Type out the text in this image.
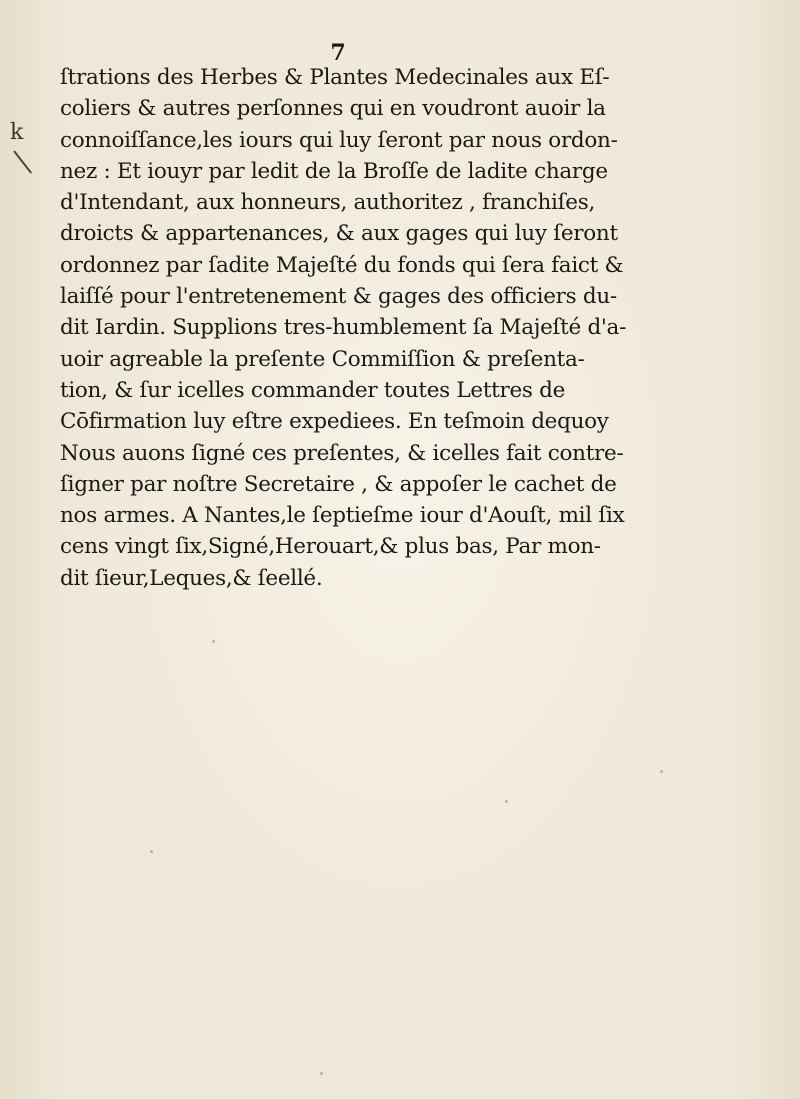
7
k
ſtrations des Herbes & Plantes Medecinales aux Eſ-
coliers & autres perſonnes qui en voudront auoir la
connoiſſance,les iours qui luy ſeront par nous ordon-
nez : Et iouyr par ledit de la Broſſe de ladite charge
d'Intendant, aux honneurs, authoritez , franchiſes,
droicts & appartenances, & aux gages qui luy ſeront
ordonnez par ſadite Majeſté du fonds qui ſera faict &
laiſſé pour l'entretenement & gages des officiers du-
dit Iardin. Supplions tres-humblement ſa Majeſté d'a-
uoir agreable la preſente Commiſſion & preſenta-
tion, & ſur icelles commander toutes Lettres de
Cōfirmation luy eſtre expediees. En teſmoin dequoy
Nous auons ſigné ces preſentes, & icelles fait contre-
ſigner par noſtre Secretaire , & appoſer le cachet de
nos armes. A Nantes,le ſeptieſme iour d'Aouſt, mil ſix
cens vingt ſix,Signé,Herouart,& plus bas, Par mon-
dit ſieur,Leques,& ſeellé.
